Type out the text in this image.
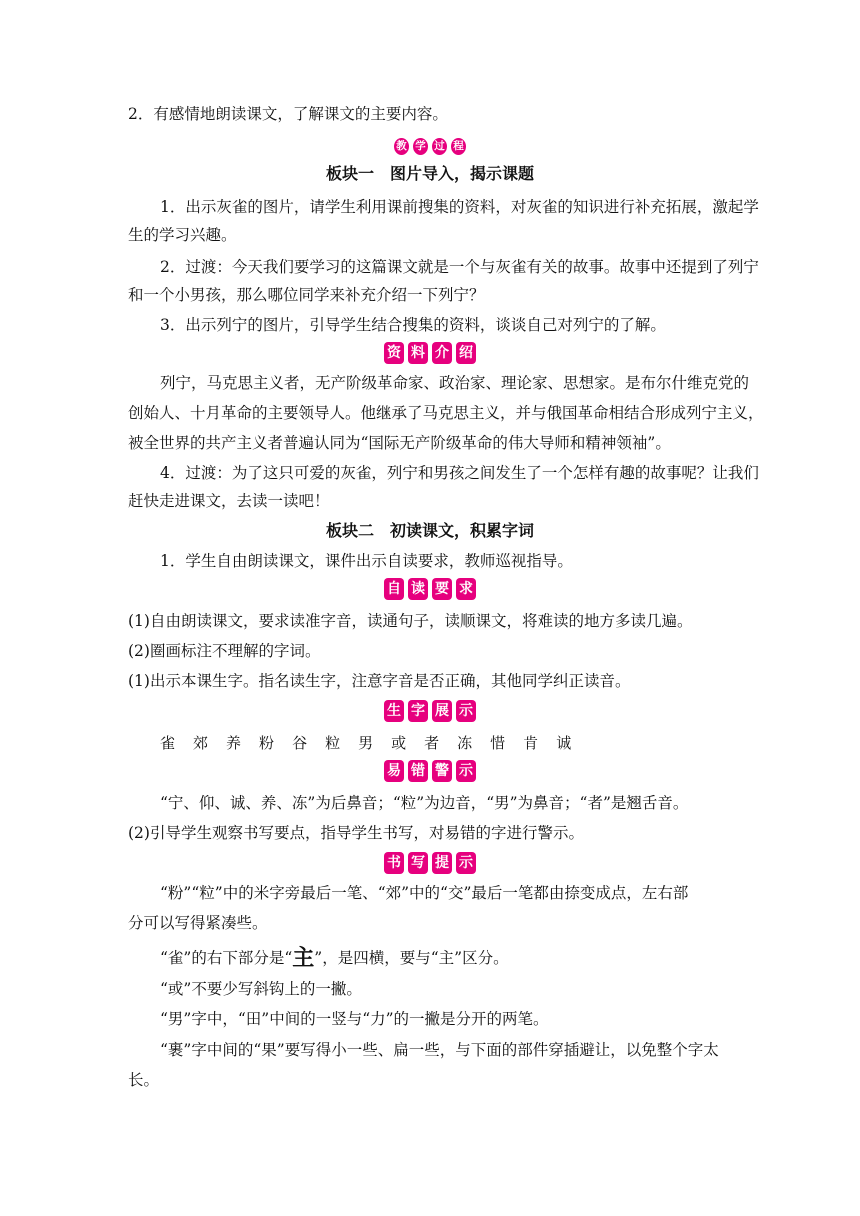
2．有感情地朗读课文，了解课文的主要内容。
教 学 过 程
板块一　图片导入，揭示课题
1．出示灰雀的图片，请学生利用课前搜集的资料，对灰雀的知识进行补充拓展，激起学
生的学习兴趣。
2．过渡：今天我们要学习的这篇课文就是一个与灰雀有关的故事。故事中还提到了列宁
和一个小男孩，那么哪位同学来补充介绍一下列宁？
3．出示列宁的图片，引导学生结合搜集的资料，谈谈自己对列宁的了解。
资 料 介 绍
列宁，马克思主义者，无产阶级革命家、政治家、理论家、思想家。是布尔什维克党的
创始人、十月革命的主要领导人。他继承了马克思主义，并与俄国革命相结合形成列宁主义，
被全世界的共产主义者普遍认同为“国际无产阶级革命的伟大导师和精神领袖”。
4．过渡：为了这只可爱的灰雀，列宁和男孩之间发生了一个怎样有趣的故事呢？让我们
赶快走进课文，去读一读吧！
板块二　初读课文，积累字词
1．学生自由朗读课文，课件出示自读要求，教师巡视指导。
自 读 要 求
(1)自由朗读课文，要求读准字音，读通句子，读顺课文，将难读的地方多读几遍。
(2)圈画标注不理解的字词。
(1)出示本课生字。指名读生字，注意字音是否正确，其他同学纠正读音。
生 字 展 示
雀 郊 养 粉 谷 粒 男 或 者 冻 惜 肯 诚
易 错 警 示
“宁、仰、诚、养、冻”为后鼻音；“粒”为边音，“男”为鼻音；“者”是翘舌音。
(2)引导学生观察书写要点，指导学生书写，对易错的字进行警示。
书 写 提 示
“粉”“粒”中的米字旁最后一笔、“郊”中的“交”最后一笔都由捺变成点，左右部
分可以写得紧凑些。
“雀”的右下部分是“主”，是四横，要与“主”区分。
“或”不要少写斜钩上的一撇。
“男”字中，“田”中间的一竖与“力”的一撇是分开的两笔。
“裹”字中间的“果”要写得小一些、扁一些，与下面的部件穿插避让，以免整个字太
长。
